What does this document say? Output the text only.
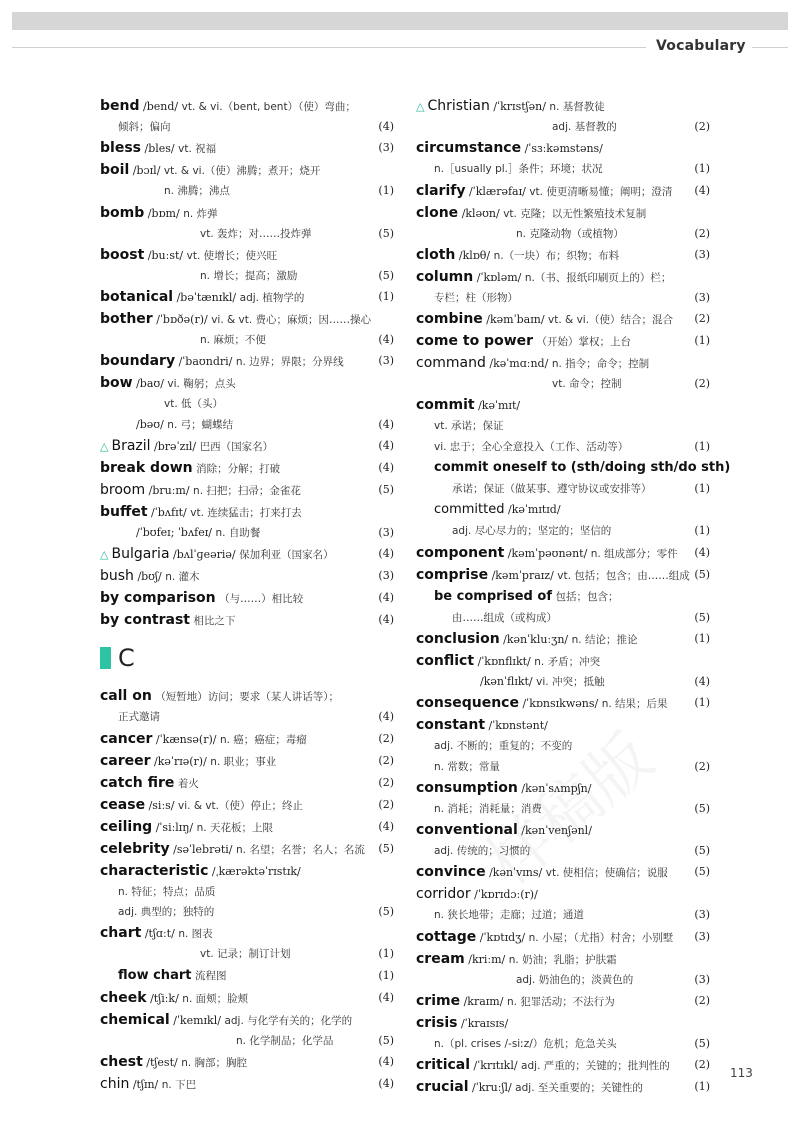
Vocabulary
bend /bend/ vt. & vi.（bent, bent）（使）弯曲；
倾斜；偏向	(4)
bless /bles/ vt. 祝福	(3)
boil /bɔɪl/ vt. & vi.（使）沸腾；煮开；烧开
n. 沸腾；沸点	(1)
bomb /bɒm/ n. 炸弹
vt. 轰炸；对……投炸弹	(5)
boost /buːst/ vt. 使增长；使兴旺
n. 增长；提高；激励	(5)
botanical /bəˈtænɪkl/ adj. 植物学的	(1)
bother /ˈbɒðə(r)/ vi. & vt. 费心；麻烦；因……操心
n. 麻烦；不便	(4)
boundary /ˈbaʊndri/ n. 边界；界限；分界线	(3)
bow /baʊ/ vi. 鞠躬；点头
vt. 低（头）
/bəʊ/ n. 弓；蝴蝶结	(4)
△ Brazil /brəˈzɪl/ 巴西（国家名）	(4)
break down 消除；分解；打破	(4)
broom /bruːm/ n. 扫把；扫帚；金雀花	(5)
buffet /ˈbʌfɪt/ vt. 连续猛击；打来打去
/ˈbʊfeɪ; ˈbʌfeɪ/ n. 自助餐	(3)
△ Bulgaria /bʌlˈɡeəriə/ 保加利亚（国家名）	(4)
bush /bʊʃ/ n. 灌木	(3)
by comparison （与……）相比较	(4)
by contrast 相比之下	(4)
C
call on （短暂地）访问；要求（某人讲话等）；
正式邀请	(4)
cancer /ˈkænsə(r)/ n. 癌；癌症；毒瘤	(2)
career /kəˈrɪə(r)/ n. 职业；事业	(2)
catch fire 着火	(2)
cease /siːs/ vi. & vt.（使）停止；终止	(2)
ceiling /ˈsiːlɪŋ/ n. 天花板；上限	(4)
celebrity /səˈlebrəti/ n. 名望；名誉；名人；名流 (5)
characteristic /ˌkærəktəˈrɪstɪk/
n. 特征；特点；品质
adj. 典型的；独特的	(5)
chart /tʃɑːt/ n. 图表
vt. 记录；制订计划	(1)
flow chart 流程图	(1)
cheek /tʃiːk/ n. 面颊；脸颊	(4)
chemical /ˈkemɪkl/ adj. 与化学有关的；化学的
n. 化学制品；化学品	(5)
chest /tʃest/ n. 胸部；胸腔	(4)
chin /tʃɪn/ n. 下巴	(4)
△ Christian /ˈkrɪstʃən/ n. 基督教徒
adj. 基督教的	(2)
circumstance /ˈsɜːkəmstəns/
n.［usually pl.］条件；环境；状况	(1)
clarify /ˈklærəfaɪ/ vt. 使更清晰易懂；阐明；澄清 (4)
clone /kləʊn/ vt. 克隆；以无性繁殖技术复制
n. 克隆动物（或植物）	(2)
cloth /klɒθ/ n.（一块）布；织物；布料	(3)
column /ˈkɒləm/ n.（书、报纸印刷页上的）栏；
专栏；柱（形物）	(3)
combine /kəmˈbaɪn/ vt. & vi.（使）结合；混合 (2)
come to power （开始）掌权；上台	(1)
command /kəˈmɑːnd/ n. 指令；命令；控制
vt. 命令；控制	(2)
commit /kəˈmɪt/
vt. 承诺；保证
vi. 忠于；全心全意投入（工作、活动等）	(1)
commit oneself to (sth/doing sth/do sth)
承诺；保证（做某事、遵守协议或安排等）	(1)
committed /kəˈmɪtɪd/
adj. 尽心尽力的；坚定的；坚信的	(1)
component /kəmˈpəʊnənt/ n. 组成部分；零件 (4)
comprise /kəmˈpraɪz/ vt. 包括；包含；由……组成 (5)
be comprised of 包括；包含；
由……组成（或构成）	(5)
conclusion /kənˈkluːʒn/ n. 结论；推论	(1)
conflict /ˈkɒnflɪkt/ n. 矛盾；冲突
/kənˈflɪkt/ vi. 冲突；抵触	(4)
consequence /ˈkɒnsɪkwəns/ n. 结果；后果 (1)
constant /ˈkɒnstənt/
adj. 不断的；重复的；不变的
n. 常数；常量	(2)
consumption /kənˈsʌmpʃn/
n. 消耗；消耗量；消费	(5)
conventional /kənˈvenʃənl/
adj. 传统的；习惯的	(5)
convince /kənˈvɪns/ vt. 使相信；使确信；说服 (5)
corridor /ˈkɒrɪdɔː(r)/
n. 狭长地带；走廊；过道；通道	(3)
cottage /ˈkɒtɪdʒ/ n. 小屋；（尤指）村舍；小别墅 (3)
cream /kriːm/ n. 奶油；乳脂；护肤霜
adj. 奶油色的；淡黄色的	(3)
crime /kraɪm/ n. 犯罪活动；不法行为	(2)
crisis /ˈkraɪsɪs/
n.（pl. crises /-siːz/）危机；危急关头	(5)
critical /ˈkrɪtɪkl/ adj. 严重的；关键的；批判性的 (2)
crucial /ˈkruːʃl/ adj. 至关重要的；关键性的	(1)
113
